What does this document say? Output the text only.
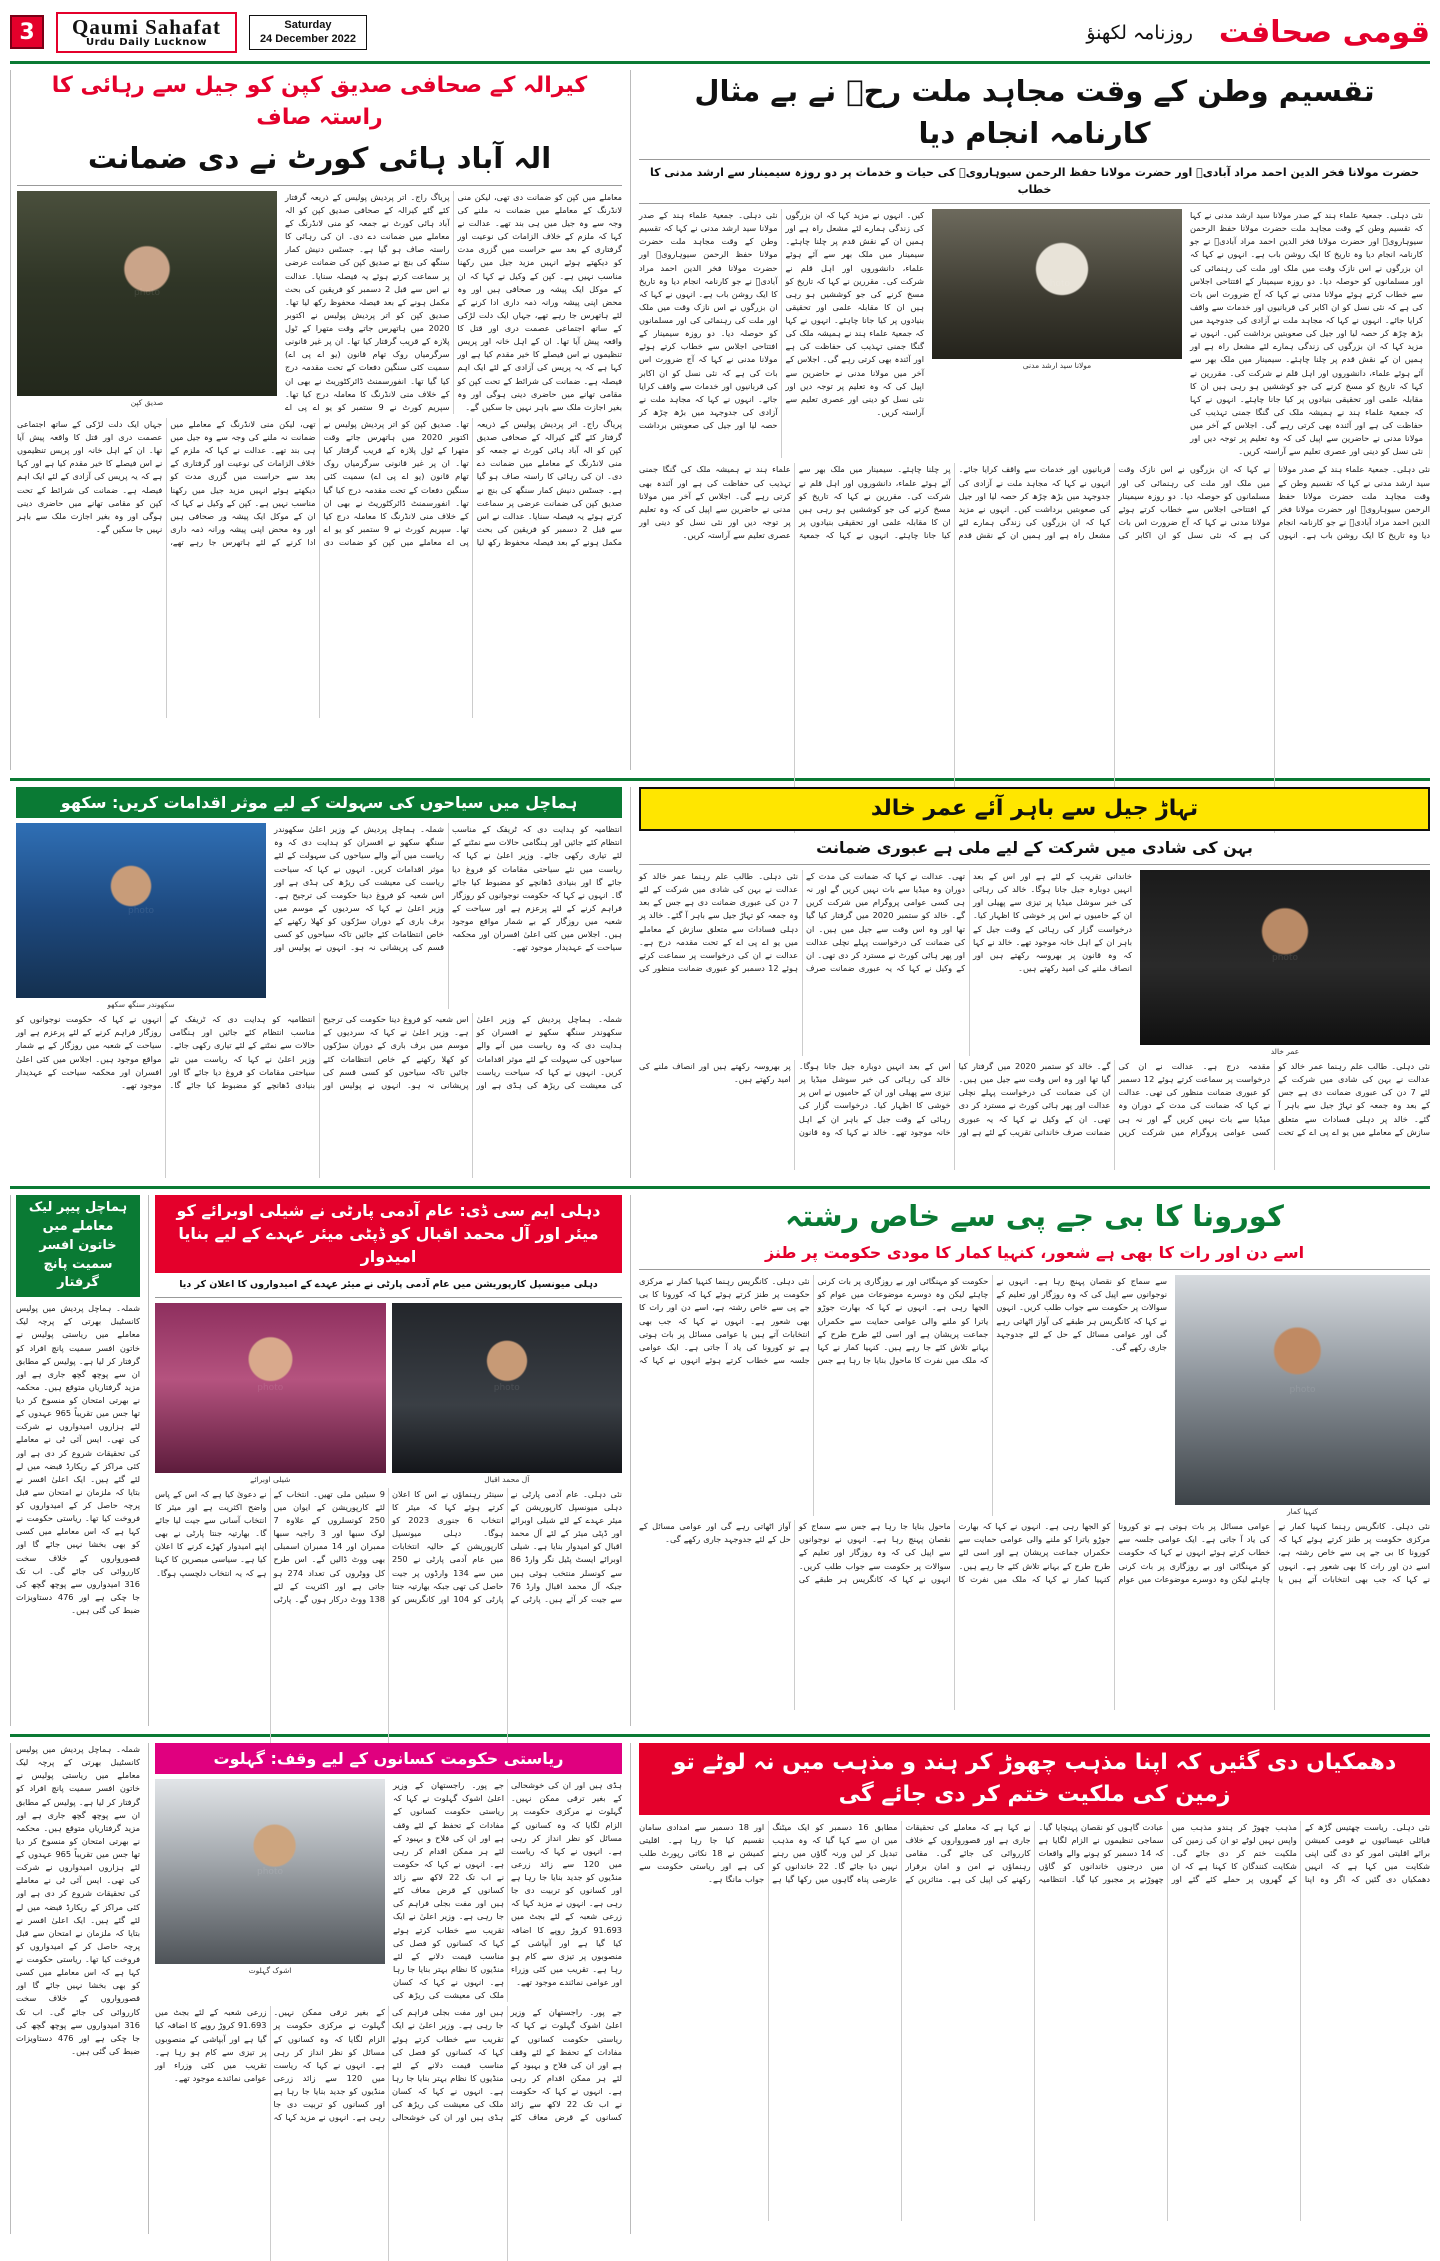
3	Qaumi Sahafat
Urdu Daily Lucknow
Saturday
24 December 2022	روزنامہ لکھنؤ قومی صحافت
کیرالہ کے صحافی صدیق کپن کو جیل سے رہائی کا راستہ صاف
الہ آباد ہائی کورٹ نے دی ضمانت
photo
صدیق کپن
پریاگ راج۔ اتر پردیش پولیس کے ذریعہ گرفتار کئے گئے کیرالہ کے صحافی صدیق کپن کو الہ آباد ہائی کورٹ نے جمعہ کو منی لانڈرنگ کے معاملے میں ضمانت دے دی۔ ان کی رہائی کا راستہ صاف ہو گیا ہے۔ جسٹس دنیش کمار سنگھ کی بنچ نے صدیق کپن کی ضمانت عرضی پر سماعت کرتے ہوئے یہ فیصلہ سنایا۔ عدالت نے اس سے قبل 2 دسمبر کو فریقین کی بحث مکمل ہونے کے بعد فیصلہ محفوظ رکھ لیا تھا۔ صدیق کپن کو اتر پردیش پولیس نے اکتوبر 2020 میں ہاتھرس جاتے وقت متھرا کے ٹول پلازہ کے قریب گرفتار کیا تھا۔ ان پر غیر قانونی سرگرمیاں روک تھام قانون (یو اے پی اے) سمیت کئی سنگین دفعات کے تحت مقدمہ درج کیا گیا تھا۔ انفورسمنٹ ڈائرکٹوریٹ نے بھی ان کے خلاف منی لانڈرنگ کا معاملہ درج کیا تھا۔ سپریم کورٹ نے 9 ستمبر کو یو اے پی اے معاملے میں کپن کو ضمانت دی تھی، لیکن منی لانڈرنگ کے معاملے میں ضمانت نہ ملنے کی وجہ سے وہ جیل میں ہی بند تھے۔ عدالت نے کہا کہ ملزم کے خلاف الزامات کی نوعیت اور گرفتاری کے بعد سے حراست میں گزری مدت کو دیکھتے ہوئے انہیں مزید جیل میں رکھنا مناسب نہیں ہے۔ کپن کے وکیل نے کہا کہ ان کے موکل ایک پیشہ ور صحافی ہیں اور وہ محض اپنی پیشہ ورانہ ذمہ داری ادا کرنے کے لئے ہاتھرس جا رہے تھے، جہاں ایک دلت لڑکی کے ساتھ اجتماعی عصمت دری اور قتل کا واقعہ پیش آیا تھا۔ ان کے اہل خانہ اور پریس تنظیموں نے اس فیصلے کا خیر مقدم کیا ہے اور کہا ہے کہ یہ پریس کی آزادی کے لئے ایک اہم فیصلہ ہے۔ ضمانت کی شرائط کے تحت کپن کو مقامی تھانے میں حاضری دینی ہوگی اور وہ بغیر اجازت ملک سے باہر نہیں جا سکیں گے۔
پریاگ راج۔ اتر پردیش پولیس کے ذریعہ گرفتار کئے گئے کیرالہ کے صحافی صدیق کپن کو الہ آباد ہائی کورٹ نے جمعہ کو منی لانڈرنگ کے معاملے میں ضمانت دے دی۔ ان کی رہائی کا راستہ صاف ہو گیا ہے۔ جسٹس دنیش کمار سنگھ کی بنچ نے صدیق کپن کی ضمانت عرضی پر سماعت کرتے ہوئے یہ فیصلہ سنایا۔ عدالت نے اس سے قبل 2 دسمبر کو فریقین کی بحث مکمل ہونے کے بعد فیصلہ محفوظ رکھ لیا تھا۔ صدیق کپن کو اتر پردیش پولیس نے اکتوبر 2020 میں ہاتھرس جاتے وقت متھرا کے ٹول پلازہ کے قریب گرفتار کیا تھا۔ ان پر غیر قانونی سرگرمیاں روک تھام قانون (یو اے پی اے) سمیت کئی سنگین دفعات کے تحت مقدمہ درج کیا گیا تھا۔ انفورسمنٹ ڈائرکٹوریٹ نے بھی ان کے خلاف منی لانڈرنگ کا معاملہ درج کیا تھا۔ سپریم کورٹ نے 9 ستمبر کو یو اے پی اے معاملے میں کپن کو ضمانت دی تھی، لیکن منی لانڈرنگ کے معاملے میں ضمانت نہ ملنے کی وجہ سے وہ جیل میں ہی بند تھے۔ عدالت نے کہا کہ ملزم کے خلاف الزامات کی نوعیت اور گرفتاری کے بعد سے حراست میں گزری مدت کو دیکھتے ہوئے انہیں مزید جیل میں رکھنا مناسب نہیں ہے۔ کپن کے وکیل نے کہا کہ ان کے موکل ایک پیشہ ور صحافی ہیں اور وہ محض اپنی پیشہ ورانہ ذمہ داری ادا کرنے کے لئے ہاتھرس جا رہے تھے، جہاں ایک دلت لڑکی کے ساتھ اجتماعی عصمت دری اور قتل کا واقعہ پیش آیا تھا۔ ان کے اہل خانہ اور پریس تنظیموں نے اس فیصلے کا خیر مقدم کیا ہے اور کہا ہے کہ یہ پریس کی آزادی کے لئے ایک اہم فیصلہ ہے۔ ضمانت کی شرائط کے تحت کپن کو مقامی تھانے میں حاضری دینی ہوگی اور وہ بغیر اجازت ملک سے باہر نہیں جا سکیں گے۔
تقسیم وطن کے وقت مجاہد ملت رحؒ نے بے مثال کارنامہ انجام دیا
حضرت مولانا فخر الدین احمد مراد آبادیؒ اور حضرت مولانا حفظ الرحمن سیوہارویؒ کی حیات و خدمات پر دو روزہ سیمینار سے ارشد مدنی کا خطاب
نئی دہلی۔ جمعیۃ علماء ہند کے صدر مولانا سید ارشد مدنی نے کہا کہ تقسیم وطن کے وقت مجاہد ملت حضرت مولانا حفظ الرحمن سیوہارویؒ اور حضرت مولانا فخر الدین احمد مراد آبادیؒ نے جو کارنامہ انجام دیا وہ تاریخ کا ایک روشن باب ہے۔ انہوں نے کہا کہ ان بزرگوں نے اس نازک وقت میں ملک اور ملت کی رہنمائی کی اور مسلمانوں کو حوصلہ دیا۔ دو روزہ سیمینار کے افتتاحی اجلاس سے خطاب کرتے ہوئے مولانا مدنی نے کہا کہ آج ضرورت اس بات کی ہے کہ نئی نسل کو ان اکابر کی قربانیوں اور خدمات سے واقف کرایا جائے۔ انہوں نے کہا کہ مجاہد ملت نے آزادی کی جدوجہد میں بڑھ چڑھ کر حصہ لیا اور جیل کی صعوبتیں برداشت کیں۔ انہوں نے مزید کہا کہ ان بزرگوں کی زندگی ہمارے لئے مشعل راہ ہے اور ہمیں ان کے نقش قدم پر چلنا چاہئے۔ سیمینار میں ملک بھر سے آئے ہوئے علماء، دانشوروں اور اہل قلم نے شرکت کی۔ مقررین نے کہا کہ تاریخ کو مسخ کرنے کی جو کوششیں ہو رہی ہیں ان کا مقابلہ علمی اور تحقیقی بنیادوں پر کیا جانا چاہئے۔ انہوں نے کہا کہ جمعیۃ علماء ہند نے ہمیشہ ملک کی گنگا جمنی تہذیب کی حفاظت کی ہے اور آئندہ بھی کرتی رہے گی۔ اجلاس کے آخر میں مولانا مدنی نے حاضرین سے اپیل کی کہ وہ تعلیم پر توجہ دیں اور نئی نسل کو دینی اور عصری تعلیم سے آراستہ کریں۔
photo
مولانا سید ارشد مدنی
نئی دہلی۔ جمعیۃ علماء ہند کے صدر مولانا سید ارشد مدنی نے کہا کہ تقسیم وطن کے وقت مجاہد ملت حضرت مولانا حفظ الرحمن سیوہارویؒ اور حضرت مولانا فخر الدین احمد مراد آبادیؒ نے جو کارنامہ انجام دیا وہ تاریخ کا ایک روشن باب ہے۔ انہوں نے کہا کہ ان بزرگوں نے اس نازک وقت میں ملک اور ملت کی رہنمائی کی اور مسلمانوں کو حوصلہ دیا۔ دو روزہ سیمینار کے افتتاحی اجلاس سے خطاب کرتے ہوئے مولانا مدنی نے کہا کہ آج ضرورت اس بات کی ہے کہ نئی نسل کو ان اکابر کی قربانیوں اور خدمات سے واقف کرایا جائے۔ انہوں نے کہا کہ مجاہد ملت نے آزادی کی جدوجہد میں بڑھ چڑھ کر حصہ لیا اور جیل کی صعوبتیں برداشت کیں۔ انہوں نے مزید کہا کہ ان بزرگوں کی زندگی ہمارے لئے مشعل راہ ہے اور ہمیں ان کے نقش قدم پر چلنا چاہئے۔ سیمینار میں ملک بھر سے آئے ہوئے علماء، دانشوروں اور اہل قلم نے شرکت کی۔ مقررین نے کہا کہ تاریخ کو مسخ کرنے کی جو کوششیں ہو رہی ہیں ان کا مقابلہ علمی اور تحقیقی بنیادوں پر کیا جانا چاہئے۔ انہوں نے کہا کہ جمعیۃ علماء ہند نے ہمیشہ ملک کی گنگا جمنی تہذیب کی حفاظت کی ہے اور آئندہ بھی کرتی رہے گی۔ اجلاس کے آخر میں مولانا مدنی نے حاضرین سے اپیل کی کہ وہ تعلیم پر توجہ دیں اور نئی نسل کو دینی اور عصری تعلیم سے آراستہ کریں۔
نئی دہلی۔ جمعیۃ علماء ہند کے صدر مولانا سید ارشد مدنی نے کہا کہ تقسیم وطن کے وقت مجاہد ملت حضرت مولانا حفظ الرحمن سیوہارویؒ اور حضرت مولانا فخر الدین احمد مراد آبادیؒ نے جو کارنامہ انجام دیا وہ تاریخ کا ایک روشن باب ہے۔ انہوں نے کہا کہ ان بزرگوں نے اس نازک وقت میں ملک اور ملت کی رہنمائی کی اور مسلمانوں کو حوصلہ دیا۔ دو روزہ سیمینار کے افتتاحی اجلاس سے خطاب کرتے ہوئے مولانا مدنی نے کہا کہ آج ضرورت اس بات کی ہے کہ نئی نسل کو ان اکابر کی قربانیوں اور خدمات سے واقف کرایا جائے۔ انہوں نے کہا کہ مجاہد ملت نے آزادی کی جدوجہد میں بڑھ چڑھ کر حصہ لیا اور جیل کی صعوبتیں برداشت کیں۔ انہوں نے مزید کہا کہ ان بزرگوں کی زندگی ہمارے لئے مشعل راہ ہے اور ہمیں ان کے نقش قدم پر چلنا چاہئے۔ سیمینار میں ملک بھر سے آئے ہوئے علماء، دانشوروں اور اہل قلم نے شرکت کی۔ مقررین نے کہا کہ تاریخ کو مسخ کرنے کی جو کوششیں ہو رہی ہیں ان کا مقابلہ علمی اور تحقیقی بنیادوں پر کیا جانا چاہئے۔ انہوں نے کہا کہ جمعیۃ علماء ہند نے ہمیشہ ملک کی گنگا جمنی تہذیب کی حفاظت کی ہے اور آئندہ بھی کرتی رہے گی۔ اجلاس کے آخر میں مولانا مدنی نے حاضرین سے اپیل کی کہ وہ تعلیم پر توجہ دیں اور نئی نسل کو دینی اور عصری تعلیم سے آراستہ کریں۔
ہماچل میں سیاحوں کی سہولت کے لیے موثر اقدامات کریں: سکھو
photo
سکھوندر سنگھ سکھو
شملہ۔ ہماچل پردیش کے وزیر اعلیٰ سکھوندر سنگھ سکھو نے افسران کو ہدایت دی کہ وہ ریاست میں آنے والے سیاحوں کی سہولت کے لئے موثر اقدامات کریں۔ انہوں نے کہا کہ سیاحت ریاست کی معیشت کی ریڑھ کی ہڈی ہے اور اس شعبہ کو فروغ دینا حکومت کی ترجیح ہے۔ وزیر اعلیٰ نے کہا کہ سردیوں کے موسم میں برف باری کے دوران سڑکوں کو کھلا رکھنے کے خاص انتظامات کئے جائیں تاکہ سیاحوں کو کسی قسم کی پریشانی نہ ہو۔ انہوں نے پولیس اور انتظامیہ کو ہدایت دی کہ ٹریفک کے مناسب انتظام کئے جائیں اور ہنگامی حالات سے نمٹنے کے لئے تیاری رکھی جائے۔ وزیر اعلیٰ نے کہا کہ ریاست میں نئے سیاحتی مقامات کو فروغ دیا جائے گا اور بنیادی ڈھانچے کو مضبوط کیا جائے گا۔ انہوں نے کہا کہ حکومت نوجوانوں کو روزگار فراہم کرنے کے لئے پرعزم ہے اور سیاحت کے شعبہ میں روزگار کے بے شمار مواقع موجود ہیں۔ اجلاس میں کئی اعلیٰ افسران اور محکمہ سیاحت کے عہدیدار موجود تھے۔
شملہ۔ ہماچل پردیش کے وزیر اعلیٰ سکھوندر سنگھ سکھو نے افسران کو ہدایت دی کہ وہ ریاست میں آنے والے سیاحوں کی سہولت کے لئے موثر اقدامات کریں۔ انہوں نے کہا کہ سیاحت ریاست کی معیشت کی ریڑھ کی ہڈی ہے اور اس شعبہ کو فروغ دینا حکومت کی ترجیح ہے۔ وزیر اعلیٰ نے کہا کہ سردیوں کے موسم میں برف باری کے دوران سڑکوں کو کھلا رکھنے کے خاص انتظامات کئے جائیں تاکہ سیاحوں کو کسی قسم کی پریشانی نہ ہو۔ انہوں نے پولیس اور انتظامیہ کو ہدایت دی کہ ٹریفک کے مناسب انتظام کئے جائیں اور ہنگامی حالات سے نمٹنے کے لئے تیاری رکھی جائے۔ وزیر اعلیٰ نے کہا کہ ریاست میں نئے سیاحتی مقامات کو فروغ دیا جائے گا اور بنیادی ڈھانچے کو مضبوط کیا جائے گا۔ انہوں نے کہا کہ حکومت نوجوانوں کو روزگار فراہم کرنے کے لئے پرعزم ہے اور سیاحت کے شعبہ میں روزگار کے بے شمار مواقع موجود ہیں۔ اجلاس میں کئی اعلیٰ افسران اور محکمہ سیاحت کے عہدیدار موجود تھے۔
تہاڑ جیل سے باہر آئے عمر خالد
بہن کی شادی میں شرکت کے لیے ملی ہے عبوری ضمانت
نئی دہلی۔ طالب علم رہنما عمر خالد کو عدالت نے بہن کی شادی میں شرکت کے لئے 7 دن کی عبوری ضمانت دی ہے جس کے بعد وہ جمعہ کو تہاڑ جیل سے باہر آ گئے۔ خالد پر دہلی فسادات سے متعلق سازش کے معاملے میں یو اے پی اے کے تحت مقدمہ درج ہے۔ عدالت نے ان کی درخواست پر سماعت کرتے ہوئے 12 دسمبر کو عبوری ضمانت منظور کی تھی۔ عدالت نے کہا کہ ضمانت کی مدت کے دوران وہ میڈیا سے بات نہیں کریں گے اور نہ ہی کسی عوامی پروگرام میں شرکت کریں گے۔ خالد کو ستمبر 2020 میں گرفتار کیا گیا تھا اور وہ اس وقت سے جیل میں ہیں۔ ان کی ضمانت کی درخواست پہلے نچلی عدالت اور پھر ہائی کورٹ نے مسترد کر دی تھی۔ ان کے وکیل نے کہا کہ یہ عبوری ضمانت صرف خاندانی تقریب کے لئے ہے اور اس کے بعد انہیں دوبارہ جیل جانا ہوگا۔ خالد کی رہائی کی خبر سوشل میڈیا پر تیزی سے پھیلی اور ان کے حامیوں نے اس پر خوشی کا اظہار کیا۔ درخواست گزار کی رہائی کے وقت جیل کے باہر ان کے اہل خانہ موجود تھے۔ خالد نے کہا کہ وہ قانون پر بھروسہ رکھتے ہیں اور انصاف ملنے کی امید رکھتے ہیں۔
photo
عمر خالد
نئی دہلی۔ طالب علم رہنما عمر خالد کو عدالت نے بہن کی شادی میں شرکت کے لئے 7 دن کی عبوری ضمانت دی ہے جس کے بعد وہ جمعہ کو تہاڑ جیل سے باہر آ گئے۔ خالد پر دہلی فسادات سے متعلق سازش کے معاملے میں یو اے پی اے کے تحت مقدمہ درج ہے۔ عدالت نے ان کی درخواست پر سماعت کرتے ہوئے 12 دسمبر کو عبوری ضمانت منظور کی تھی۔ عدالت نے کہا کہ ضمانت کی مدت کے دوران وہ میڈیا سے بات نہیں کریں گے اور نہ ہی کسی عوامی پروگرام میں شرکت کریں گے۔ خالد کو ستمبر 2020 میں گرفتار کیا گیا تھا اور وہ اس وقت سے جیل میں ہیں۔ ان کی ضمانت کی درخواست پہلے نچلی عدالت اور پھر ہائی کورٹ نے مسترد کر دی تھی۔ ان کے وکیل نے کہا کہ یہ عبوری ضمانت صرف خاندانی تقریب کے لئے ہے اور اس کے بعد انہیں دوبارہ جیل جانا ہوگا۔ خالد کی رہائی کی خبر سوشل میڈیا پر تیزی سے پھیلی اور ان کے حامیوں نے اس پر خوشی کا اظہار کیا۔ درخواست گزار کی رہائی کے وقت جیل کے باہر ان کے اہل خانہ موجود تھے۔ خالد نے کہا کہ وہ قانون پر بھروسہ رکھتے ہیں اور انصاف ملنے کی امید رکھتے ہیں۔
ہماچل پیپر لیک معاملے میں خاتون افسر سمیت پانچ گرفتار
شملہ۔ ہماچل پردیش میں پولیس کانسٹیبل بھرتی کے پرچہ لیک معاملے میں ریاستی پولیس نے خاتون افسر سمیت پانچ افراد کو گرفتار کر لیا ہے۔ پولیس کے مطابق ان سے پوچھ گچھ جاری ہے اور مزید گرفتاریاں متوقع ہیں۔ محکمہ نے بھرتی امتحان کو منسوخ کر دیا تھا جس میں تقریباً 965 عہدوں کے لئے ہزاروں امیدواروں نے شرکت کی تھی۔ ایس آئی ٹی نے معاملے کی تحقیقات شروع کر دی ہے اور کئی مراکز کے ریکارڈ قبضہ میں لے لئے گئے ہیں۔ ایک اعلیٰ افسر نے بتایا کہ ملزمان نے امتحان سے قبل پرچہ حاصل کر کے امیدواروں کو فروخت کیا تھا۔ ریاستی حکومت نے کہا ہے کہ اس معاملے میں کسی کو بھی بخشا نہیں جائے گا اور قصورواروں کے خلاف سخت کارروائی کی جائے گی۔ اب تک 316 امیدواروں سے پوچھ گچھ کی جا چکی ہے اور 476 دستاویزات ضبط کی گئی ہیں۔
دہلی ایم سی ڈی: عام آدمی پارٹی نے شیلی اوبرائے کو میئر اور آل محمد اقبال کو ڈپٹی میئر عہدے کے لیے بنایا امیدوار
دہلی میونسپل کارپوریشن میں عام آدمی پارٹی نے میئر عہدے کے امیدواروں کا اعلان کر دیا
photo
شیلی اوبرائے
photo
آل محمد اقبال
نئی دہلی۔ عام آدمی پارٹی نے دہلی میونسپل کارپوریشن کے میئر عہدے کے لئے شیلی اوبرائے اور ڈپٹی میئر کے لئے آل محمد اقبال کو امیدوار بنایا ہے۔ شیلی اوبرائے ایسٹ پٹیل نگر وارڈ 86 سے کونسلر منتخب ہوئی ہیں جبکہ آل محمد اقبال وارڈ 76 سے جیت کر آئے ہیں۔ پارٹی کے سینئر رہنماؤں نے اس کا اعلان کرتے ہوئے کہا کہ میئر کا انتخاب 6 جنوری 2023 کو ہوگا۔ دہلی میونسپل کارپوریشن کے حالیہ انتخابات میں عام آدمی پارٹی نے 250 میں سے 134 وارڈوں پر جیت حاصل کی تھی جبکہ بھارتیہ جنتا پارٹی کو 104 اور کانگریس کو 9 سیٹیں ملی تھیں۔ انتخاب کے لئے کارپوریشن کے ایوان میں 250 کونسلروں کے علاوہ 7 لوک سبھا اور 3 راجیہ سبھا ممبران اور 14 ممبران اسمبلی بھی ووٹ ڈالیں گے۔ اس طرح کل ووٹروں کی تعداد 274 ہو جاتی ہے اور اکثریت کے لئے 138 ووٹ درکار ہوں گے۔ پارٹی نے دعویٰ کیا ہے کہ اس کے پاس واضح اکثریت ہے اور میئر کا انتخاب آسانی سے جیت لیا جائے گا۔ بھارتیہ جنتا پارٹی نے بھی اپنے امیدوار کھڑے کرنے کا اعلان کیا ہے۔ سیاسی مبصرین کا کہنا ہے کہ یہ انتخاب دلچسپ ہوگا۔
کورونا کا بی جے پی سے خاص رشتہ
اسے دن اور رات کا بھی ہے شعور، کنہیا کمار کا مودی حکومت پر طنز
نئی دہلی۔ کانگریس رہنما کنہیا کمار نے مرکزی حکومت پر طنز کرتے ہوئے کہا کہ کورونا کا بی جے پی سے خاص رشتہ ہے، اسے دن اور رات کا بھی شعور ہے۔ انہوں نے کہا کہ جب بھی انتخابات آتے ہیں یا عوامی مسائل پر بات ہوتی ہے تو کورونا کی یاد آ جاتی ہے۔ ایک عوامی جلسہ سے خطاب کرتے ہوئے انہوں نے کہا کہ حکومت کو مہنگائی اور بے روزگاری پر بات کرنی چاہئے لیکن وہ دوسرے موضوعات میں عوام کو الجھا رہی ہے۔ انہوں نے کہا کہ بھارت جوڑو یاترا کو ملنے والی عوامی حمایت سے حکمراں جماعت پریشان ہے اور اسی لئے طرح طرح کے بہانے تلاش کئے جا رہے ہیں۔ کنہیا کمار نے کہا کہ ملک میں نفرت کا ماحول بنایا جا رہا ہے جس سے سماج کو نقصان پہنچ رہا ہے۔ انہوں نے نوجوانوں سے اپیل کی کہ وہ روزگار اور تعلیم کے سوالات پر حکومت سے جواب طلب کریں۔ انہوں نے کہا کہ کانگریس ہر طبقے کی آواز اٹھاتی رہے گی اور عوامی مسائل کے حل کے لئے جدوجہد جاری رکھے گی۔
photo
کنہیا کمار
نئی دہلی۔ کانگریس رہنما کنہیا کمار نے مرکزی حکومت پر طنز کرتے ہوئے کہا کہ کورونا کا بی جے پی سے خاص رشتہ ہے، اسے دن اور رات کا بھی شعور ہے۔ انہوں نے کہا کہ جب بھی انتخابات آتے ہیں یا عوامی مسائل پر بات ہوتی ہے تو کورونا کی یاد آ جاتی ہے۔ ایک عوامی جلسہ سے خطاب کرتے ہوئے انہوں نے کہا کہ حکومت کو مہنگائی اور بے روزگاری پر بات کرنی چاہئے لیکن وہ دوسرے موضوعات میں عوام کو الجھا رہی ہے۔ انہوں نے کہا کہ بھارت جوڑو یاترا کو ملنے والی عوامی حمایت سے حکمراں جماعت پریشان ہے اور اسی لئے طرح طرح کے بہانے تلاش کئے جا رہے ہیں۔ کنہیا کمار نے کہا کہ ملک میں نفرت کا ماحول بنایا جا رہا ہے جس سے سماج کو نقصان پہنچ رہا ہے۔ انہوں نے نوجوانوں سے اپیل کی کہ وہ روزگار اور تعلیم کے سوالات پر حکومت سے جواب طلب کریں۔ انہوں نے کہا کہ کانگریس ہر طبقے کی آواز اٹھاتی رہے گی اور عوامی مسائل کے حل کے لئے جدوجہد جاری رکھے گی۔
شملہ۔ ہماچل پردیش میں پولیس کانسٹیبل بھرتی کے پرچہ لیک معاملے میں ریاستی پولیس نے خاتون افسر سمیت پانچ افراد کو گرفتار کر لیا ہے۔ پولیس کے مطابق ان سے پوچھ گچھ جاری ہے اور مزید گرفتاریاں متوقع ہیں۔ محکمہ نے بھرتی امتحان کو منسوخ کر دیا تھا جس میں تقریباً 965 عہدوں کے لئے ہزاروں امیدواروں نے شرکت کی تھی۔ ایس آئی ٹی نے معاملے کی تحقیقات شروع کر دی ہے اور کئی مراکز کے ریکارڈ قبضہ میں لے لئے گئے ہیں۔ ایک اعلیٰ افسر نے بتایا کہ ملزمان نے امتحان سے قبل پرچہ حاصل کر کے امیدواروں کو فروخت کیا تھا۔ ریاستی حکومت نے کہا ہے کہ اس معاملے میں کسی کو بھی بخشا نہیں جائے گا اور قصورواروں کے خلاف سخت کارروائی کی جائے گی۔ اب تک 316 امیدواروں سے پوچھ گچھ کی جا چکی ہے اور 476 دستاویزات ضبط کی گئی ہیں۔
ریاستی حکومت کسانوں کے لیے وقف: گہلوت
photo
اشوک گہلوت
جے پور۔ راجستھان کے وزیر اعلیٰ اشوک گہلوت نے کہا کہ ریاستی حکومت کسانوں کے مفادات کے تحفظ کے لئے وقف ہے اور ان کی فلاح و بہبود کے لئے ہر ممکن اقدام کر رہی ہے۔ انہوں نے کہا کہ حکومت نے اب تک 22 لاکھ سے زائد کسانوں کے قرض معاف کئے ہیں اور مفت بجلی فراہم کی جا رہی ہے۔ وزیر اعلیٰ نے ایک تقریب سے خطاب کرتے ہوئے کہا کہ کسانوں کو فصل کی مناسب قیمت دلانے کے لئے منڈیوں کا نظام بہتر بنایا جا رہا ہے۔ انہوں نے کہا کہ کسان ملک کی معیشت کی ریڑھ کی ہڈی ہیں اور ان کی خوشحالی کے بغیر ترقی ممکن نہیں۔ گہلوت نے مرکزی حکومت پر الزام لگایا کہ وہ کسانوں کے مسائل کو نظر انداز کر رہی ہے۔ انہوں نے کہا کہ ریاست میں 120 سے زائد زرعی منڈیوں کو جدید بنایا جا رہا ہے اور کسانوں کو تربیت دی جا رہی ہے۔ انہوں نے مزید کہا کہ زرعی شعبہ کے لئے بجٹ میں 91.693 کروڑ روپے کا اضافہ کیا گیا ہے اور آبپاشی کے منصوبوں پر تیزی سے کام ہو رہا ہے۔ تقریب میں کئی وزراء اور عوامی نمائندے موجود تھے۔
جے پور۔ راجستھان کے وزیر اعلیٰ اشوک گہلوت نے کہا کہ ریاستی حکومت کسانوں کے مفادات کے تحفظ کے لئے وقف ہے اور ان کی فلاح و بہبود کے لئے ہر ممکن اقدام کر رہی ہے۔ انہوں نے کہا کہ حکومت نے اب تک 22 لاکھ سے زائد کسانوں کے قرض معاف کئے ہیں اور مفت بجلی فراہم کی جا رہی ہے۔ وزیر اعلیٰ نے ایک تقریب سے خطاب کرتے ہوئے کہا کہ کسانوں کو فصل کی مناسب قیمت دلانے کے لئے منڈیوں کا نظام بہتر بنایا جا رہا ہے۔ انہوں نے کہا کہ کسان ملک کی معیشت کی ریڑھ کی ہڈی ہیں اور ان کی خوشحالی کے بغیر ترقی ممکن نہیں۔ گہلوت نے مرکزی حکومت پر الزام لگایا کہ وہ کسانوں کے مسائل کو نظر انداز کر رہی ہے۔ انہوں نے کہا کہ ریاست میں 120 سے زائد زرعی منڈیوں کو جدید بنایا جا رہا ہے اور کسانوں کو تربیت دی جا رہی ہے۔ انہوں نے مزید کہا کہ زرعی شعبہ کے لئے بجٹ میں 91.693 کروڑ روپے کا اضافہ کیا گیا ہے اور آبپاشی کے منصوبوں پر تیزی سے کام ہو رہا ہے۔ تقریب میں کئی وزراء اور عوامی نمائندے موجود تھے۔
دھمکیاں دی گئیں کہ اپنا مذہب چھوڑ کر ہند و مذہب میں نہ لوٹے تو زمین کی ملکیت ختم کر دی جائے گی
نئی دہلی۔ ریاست چھتیس گڑھ کے قبائلی عیسائیوں نے قومی کمیشن برائے اقلیتی امور کو دی گئی اپنی شکایت میں کہا ہے کہ انہیں دھمکیاں دی گئیں کہ اگر وہ اپنا مذہب چھوڑ کر ہندو مذہب میں واپس نہیں لوٹے تو ان کی زمین کی ملکیت ختم کر دی جائے گی۔ شکایت کنندگان کا کہنا ہے کہ ان کے گھروں پر حملے کئے گئے اور عبادت گاہوں کو نقصان پہنچایا گیا۔ سماجی تنظیموں نے الزام لگایا ہے کہ 14 دسمبر کو ہونے والے واقعات میں درجنوں خاندانوں کو گاؤں چھوڑنے پر مجبور کیا گیا۔ انتظامیہ نے کہا ہے کہ معاملے کی تحقیقات جاری ہے اور قصورواروں کے خلاف کارروائی کی جائے گی۔ مقامی رہنماؤں نے امن و امان برقرار رکھنے کی اپیل کی ہے۔ متاثرین کے مطابق 16 دسمبر کو ایک میٹنگ میں ان سے کہا گیا کہ وہ مذہب تبدیل کر لیں ورنہ گاؤں میں رہنے نہیں دیا جائے گا۔ 22 خاندانوں کو عارضی پناہ گاہوں میں رکھا گیا ہے اور 18 دسمبر سے امدادی سامان تقسیم کیا جا رہا ہے۔ اقلیتی کمیشن نے 18 نکاتی رپورٹ طلب کی ہے اور ریاستی حکومت سے جواب مانگا ہے۔
